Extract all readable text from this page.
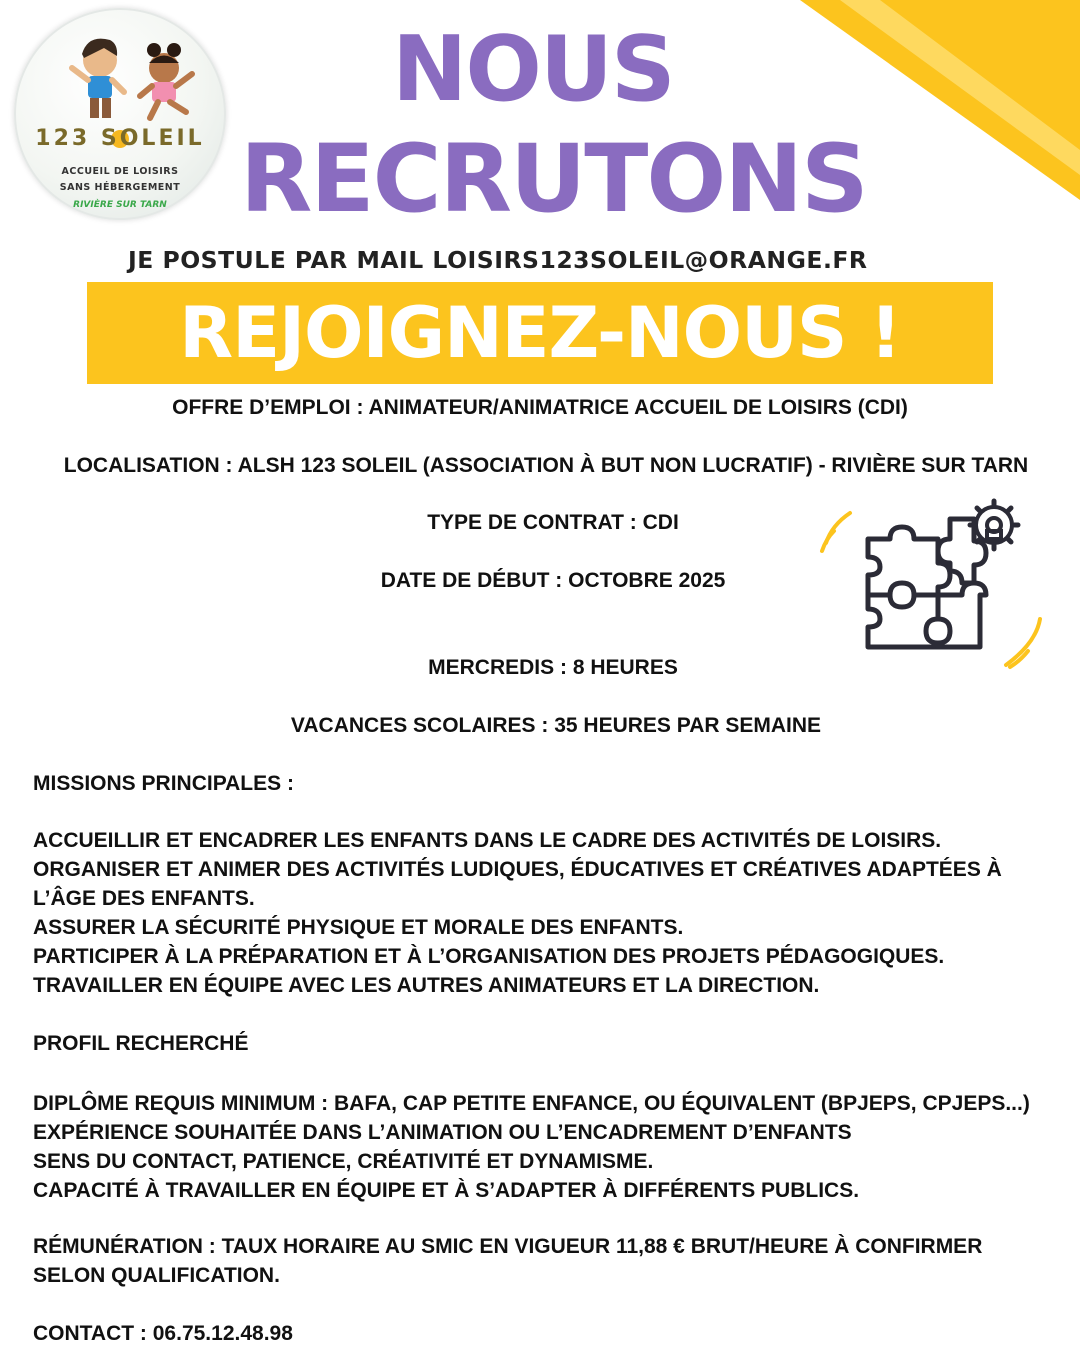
123 SOLEIL
ACCUEIL DE LOISIRS
SANS HÉBERGEMENT
RIVIÈRE SUR TARN
NOUS
RECRUTONS
JE POSTULE PAR MAIL LOISIRS123SOLEIL@ORANGE.FR
REJOIGNEZ-NOUS !
OFFRE D’EMPLOI : ANIMATEUR/ANIMATRICE ACCUEIL DE LOISIRS (CDI)
LOCALISATION : ALSH 123 SOLEIL (ASSOCIATION À BUT NON LUCRATIF) - RIVIÈRE SUR TARN
TYPE DE CONTRAT : CDI
DATE DE DÉBUT : OCTOBRE 2025
MERCREDIS : 8 HEURES
VACANCES SCOLAIRES : 35 HEURES PAR SEMAINE
MISSIONS PRINCIPALES :
ACCUEILLIR ET ENCADRER LES ENFANTS DANS LE CADRE DES ACTIVITÉS DE LOISIRS.
ORGANISER ET ANIMER DES ACTIVITÉS LUDIQUES, ÉDUCATIVES ET CRÉATIVES ADAPTÉES À
L’ÂGE DES ENFANTS.
ASSURER LA SÉCURITÉ PHYSIQUE ET MORALE DES ENFANTS.
PARTICIPER À LA PRÉPARATION ET À L’ORGANISATION DES PROJETS PÉDAGOGIQUES.
TRAVAILLER EN ÉQUIPE AVEC LES AUTRES ANIMATEURS ET LA DIRECTION.
PROFIL RECHERCHÉ
DIPLÔME REQUIS MINIMUM : BAFA, CAP PETITE ENFANCE, OU ÉQUIVALENT (BPJEPS, CPJEPS...)
EXPÉRIENCE SOUHAITÉE DANS L’ANIMATION OU L’ENCADREMENT D’ENFANTS
SENS DU CONTACT, PATIENCE, CRÉATIVITÉ ET DYNAMISME.
CAPACITÉ À TRAVAILLER EN ÉQUIPE ET À S’ADAPTER À DIFFÉRENTS PUBLICS.
RÉMUNÉRATION : TAUX HORAIRE AU SMIC EN VIGUEUR 11,88 € BRUT/HEURE À CONFIRMER
SELON QUALIFICATION.
CONTACT : 06.75.12.48.98
